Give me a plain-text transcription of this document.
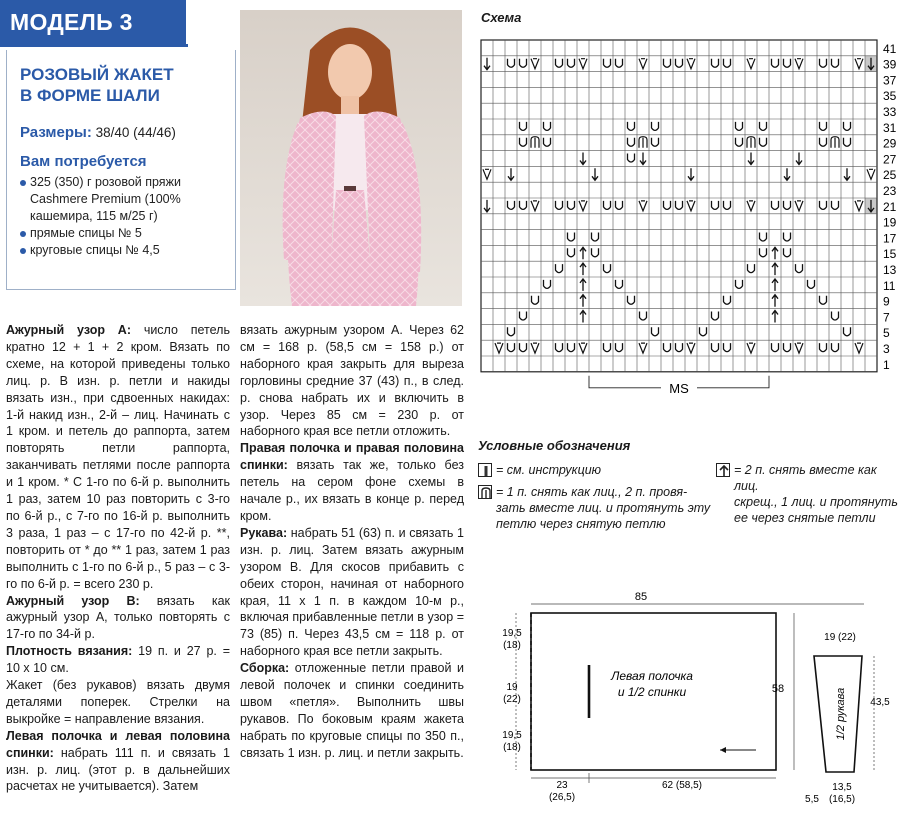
МОДЕЛЬ 3
РОЗОВЫЙ ЖАКЕТ
В ФОРМЕ ШАЛИ
Размеры: 38/40 (44/46)
Вам потребуется
325 (350) г розовой пряжи Cashmere Premium (100% кашемира, 115 м/25 г)
прямые спицы № 5
круговые спицы № 4,5

Ажурный узор А: число петель кратно 12 + 1 + 2 кром. Вязать по схеме, на которой приведены только лиц. р. В изн. р. петли и накиды вязать изн., при сдвоенных накидах: 1-й накид изн., 2-й – лиц. Начинать с 1 кром. и петель до раппорта, затем повторять петли раппорта, заканчивать петлями после раппорта и 1 кром. * С 1-го по 6-й р. выполнить 1 раз, затем 10 раз повторить с 3-го по 6-й р., с 7-го по 16-й р. выполнить 3 раза, 1 раз – с 17-го по 42-й р. **, повторить от * до ** 1 раз, затем 1 раз выполнить с 1-го по 6-й р., 5 раз – с 3-го по 6-й р. = всего 230 р.

Ажурный узор В: вязать как ажурный узор А, только повторять с 17-го по 34-й р.

Плотность вязания: 19 п. и 27 р. = 10 х 10 см.

Жакет (без рукавов) вязать двумя деталями поперек. Стрелки на выкройке = направление вязания.

Левая полочка и левая половина спинки: набрать 111 п. и связать 1 изн. р. лиц. (этот р. в дальнейших расчетах не учитывается). Затем

вязать ажурным узором А. Через 62 см = 168 р. (58,5 см = 158 р.) от наборного края закрыть для выреза горловины средние 37 (43) п., в след. р. снова набрать их и включить в узор. Через 85 см = 230 р. от наборного края все петли отложить.

Правая полочка и правая половина спинки: вязать так же, только без петель на сером фоне схемы в начале р., их вязать в конце р. перед кром.

Рукава: набрать 51 (63) п. и связать 1 изн. р. лиц. Затем вязать ажурным узором В. Для скосов прибавить с обеих сторон, начиная от наборного края, 11 х 1 п. в каждом 10-м р., включая прибавленные петли в узор = 73 (85) п. Через 43,5 см = 118 р. от наборного края все петли закрыть.

Сборка: отложенные петли правой и левой полочек и спинки соединить швом «петля». Выполнить швы рукавов. По боковым краям жакета набрать по круговые спицы по 350 п., связать 1 изн. р. лиц. и петли закрыть.

Схема
41
39
37
35
33
31
29
27
25
23
21
19
17
15
13
11
9
7
5
3
1
MS
Условные обозначения
= см. инструкцию
= 1 п. снять как лиц., 2 п. провя-
зать вместе лиц. и протянуть эту
петлю через снятую петлю
= 2 п. снять вместе как лиц.
скрещ., 1 лиц. и протянуть
ее через снятые петли
85
Левая полочка
и 1/2 спинки
19,5
(18)
19
(22)
19,5
(18)
58
23
(26,5)
62 (58,5)
19 (22)
1/2 рукава 43,5
13,5
(16,5)
5,5
